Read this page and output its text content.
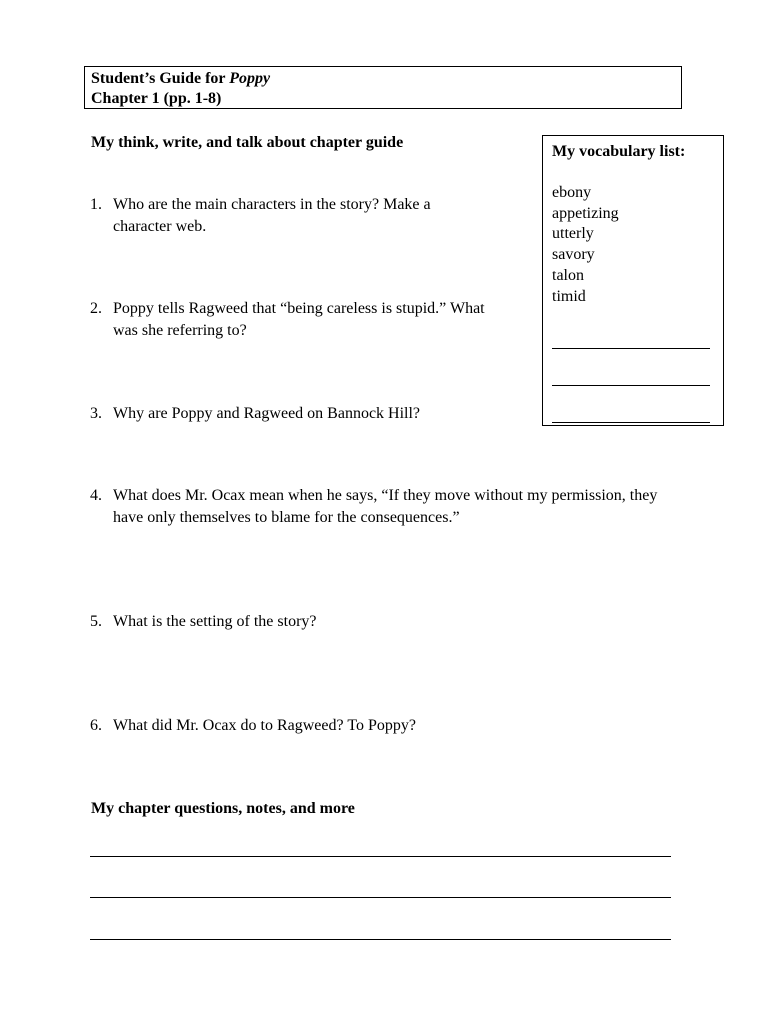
Student’s Guide for Poppy
Chapter 1 (pp. 1-8)
My think, write, and talk about chapter guide
My vocabulary list:
ebony
appetizing
utterly
savory
talon
timid
1. Who are the main characters in the story? Make a character web.
2. Poppy tells Ragweed that “being careless is stupid.” What was she referring to?
3. Why are Poppy and Ragweed on Bannock Hill?
4. What does Mr. Ocax mean when he says, “If they move without my permission, they have only themselves to blame for the consequences.”
5. What is the setting of the story?
6. What did Mr. Ocax do to Ragweed? To Poppy?
My chapter questions, notes, and more
